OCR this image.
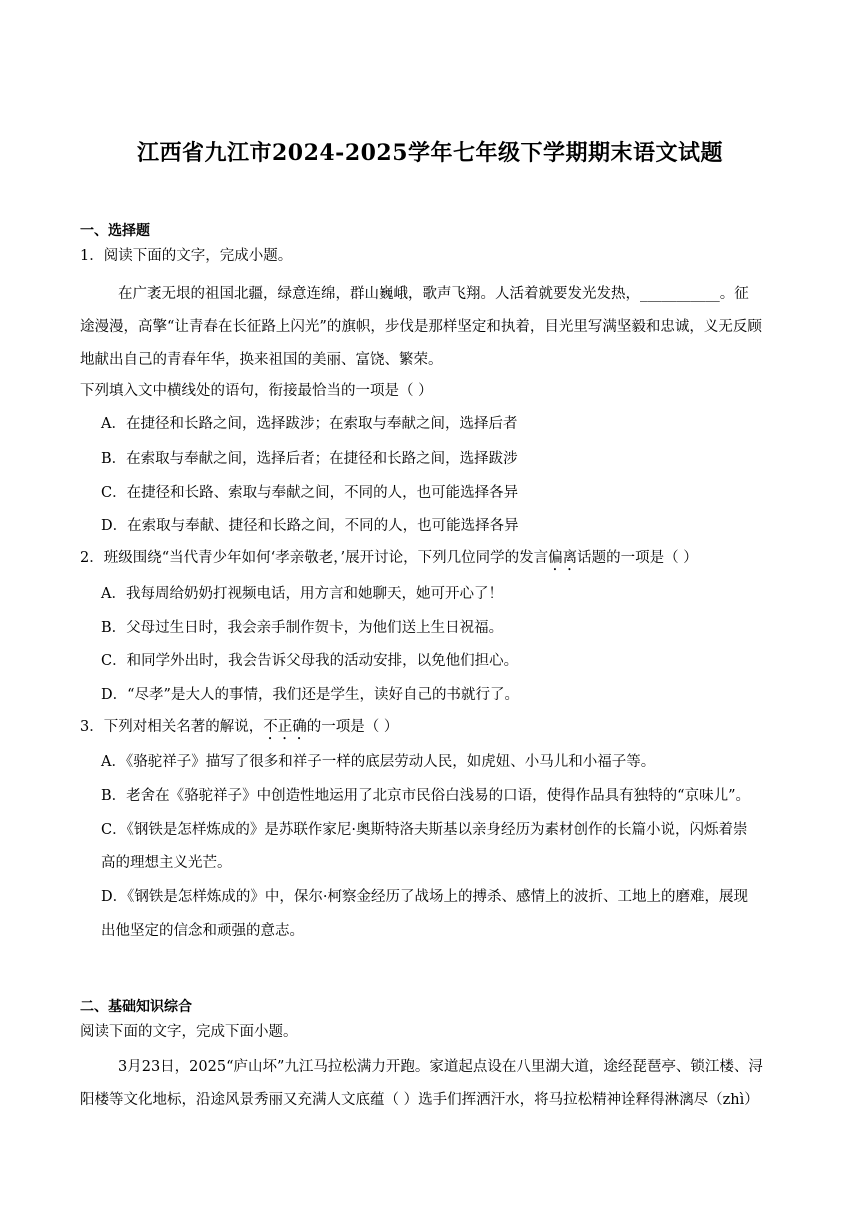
江西省九江市2024-2025学年七年级下学期期末语文试题
一、选择题
1．阅读下面的文字，完成小题。
在广袤无垠的祖国北疆，绿意连绵，群山巍峨，歌声飞翔。人活着就要发光发热，___________。征
途漫漫，高擎“让青春在长征路上闪光”的旗帜，步伐是那样坚定和执着，目光里写满坚毅和忠诚，义无反顾
地献出自己的青春年华，换来祖国的美丽、富饶、繁荣。
下列填入文中横线处的语句，衔接最恰当的一项是（ ）
A．在捷径和长路之间，选择跋涉；在索取与奉献之间，选择后者
B．在索取与奉献之间，选择后者；在捷径和长路之间，选择跋涉
C．在捷径和长路、索取与奉献之间，不同的人，也可能选择各异
D．在索取与奉献、捷径和长路之间，不同的人，也可能选择各异
2．班级围绕“当代青少年如何‘孝亲敬老，’展开讨论，下列几位同学的发言偏离话题的一项是（ ）
A．我每周给奶奶打视频电话，用方言和她聊天，她可开心了！
B．父母过生日时，我会亲手制作贺卡，为他们送上生日祝福。
C．和同学外出时，我会告诉父母我的活动安排，以免他们担心。
D．“尽孝”是大人的事情，我们还是学生，读好自己的书就行了。
3．下列对相关名著的解说，不正确的一项是（ ）
A．《骆驼祥子》描写了很多和祥子一样的底层劳动人民，如虎妞、小马儿和小福子等。
B．老舍在《骆驼祥子》中创造性地运用了北京市民俗白浅易的口语，使得作品具有独特的“京味儿”。
C．《钢铁是怎样炼成的》是苏联作家尼·奥斯特洛夫斯基以亲身经历为素材创作的长篇小说，闪烁着崇
高的理想主义光芒。
D．《钢铁是怎样炼成的》中，保尔·柯察金经历了战场上的搏杀、感情上的波折、工地上的磨难，展现
出他坚定的信念和顽强的意志。
二、基础知识综合
阅读下面的文字，完成下面小题。
3月23日，2025“庐山坏”九江马拉松满力开跑。家道起点设在八里湖大道，途经琵琶亭、锁江楼、浔
阳楼等文化地标，沿途风景秀丽又充满人文底蕴（ ）选手们挥洒汗水，将马拉松精神诠释得淋漓尽（zhì）
